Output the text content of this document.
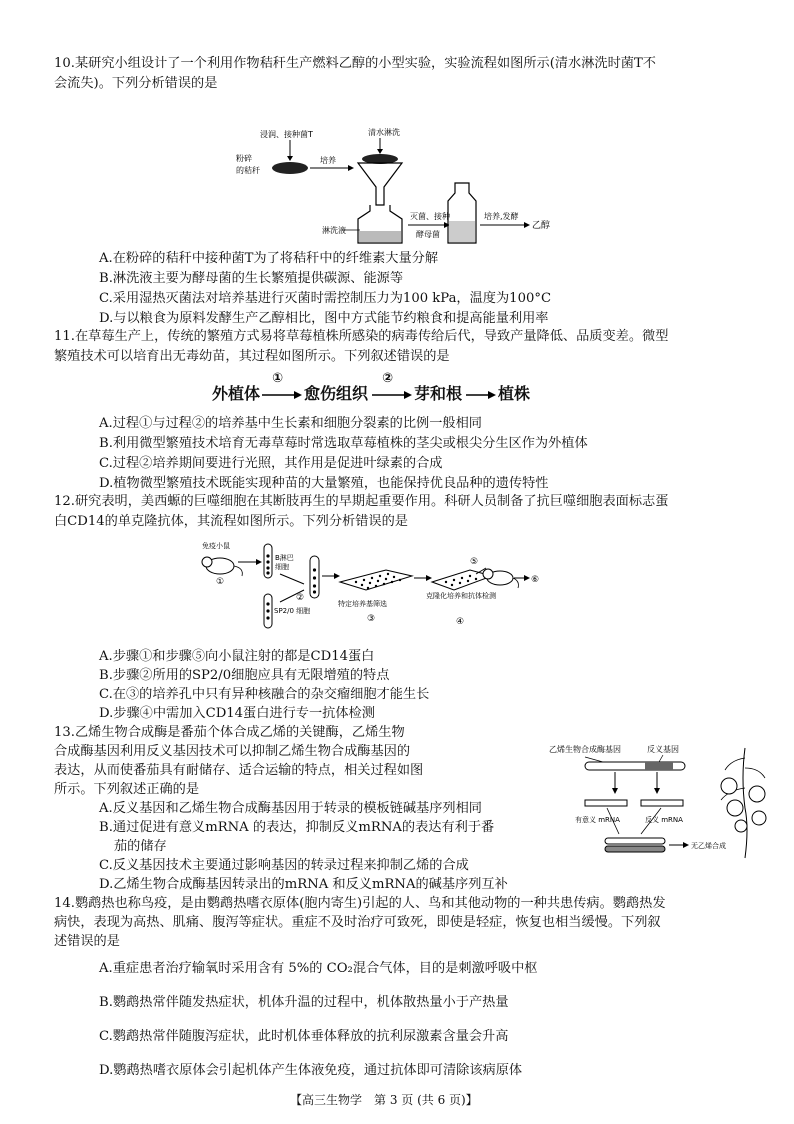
10.某研究小组设计了一个利用作物秸秆生产燃料乙醇的小型实验，实验流程如图所示(清水淋洗时菌T不
会流失)。下列分析错误的是
浸润、接种菌T	清水淋洗
粉碎
的秸秆
培养
淋洗液
灭菌、接种
酵母菌
培养,发酵
乙醇
A.在粉碎的秸秆中接种菌T为了将秸秆中的纤维素大量分解
B.淋洗液主要为酵母菌的生长繁殖提供碳源、能源等
C.采用湿热灭菌法对培养基进行灭菌时需控制压力为100 kPa，温度为100°C
D.与以粮食为原料发酵生产乙醇相比，图中方式能节约粮食和提高能量利用率
11.在草莓生产上，传统的繁殖方式易将草莓植株所感染的病毒传给后代，导致产量降低、品质变差。微型
繁殖技术可以培育出无毒幼苗，其过程如图所示。下列叙述错误的是
外植体
①
愈伤组织
②
芽和根 植株
A.过程①与过程②的培养基中生长素和细胞分裂素的比例一般相同
B.利用微型繁殖技术培育无毒草莓时常选取草莓植株的茎尖或根尖分生区作为外植体
C.过程②培养期间要进行光照，其作用是促进叶绿素的合成
D.植物微型繁殖技术既能实现种苗的大量繁殖，也能保持优良品种的遗传特性
12.研究表明，美西螈的巨噬细胞在其断肢再生的早期起重要作用。科研人员制备了抗巨噬细胞表面标志蛋
白CD14的单克隆抗体，其流程如图所示。下列分析错误的是
免疫小鼠
①
B淋巴
细胞
SP2/0 细胞
②
特定培养基筛选
③
克隆化培养和抗体检测
④
⑤
⑥
A.步骤①和步骤⑤向小鼠注射的都是CD14蛋白
B.步骤②所用的SP2/0细胞应具有无限增殖的特点
C.在③的培养孔中只有异种核融合的杂交瘤细胞才能生长
D.步骤④中需加入CD14蛋白进行专一抗体检测
13.乙烯生物合成酶是番茄个体合成乙烯的关键酶，乙烯生物
合成酶基因利用反义基因技术可以抑制乙烯生物合成酶基因的
表达，从而使番茄具有耐储存、适合运输的特点，相关过程如图
所示。下列叙述正确的是
乙烯生物合成酶基因	反义基因
有意义 mRNA	反义 mRNA
无乙烯合成
A.反义基因和乙烯生物合成酶基因用于转录的模板链碱基序列相同
B.通过促进有意义mRNA 的表达，抑制反义mRNA的表达有利于番
茄的储存
C.反义基因技术主要通过影响基因的转录过程来抑制乙烯的合成
D.乙烯生物合成酶基因转录出的mRNA 和反义mRNA的碱基序列互补
14.鹦鹉热也称鸟疫，是由鹦鹉热嗜衣原体(胞内寄生)引起的人、鸟和其他动物的一种共患传病。鹦鹉热发
病快，表现为高热、肌痛、腹泻等症状。重症不及时治疗可致死，即使是轻症，恢复也相当缓慢。下列叙
述错误的是
A.重症患者治疗输氧时采用含有 5%的 CO₂混合气体，目的是刺激呼吸中枢
B.鹦鹉热常伴随发热症状，机体升温的过程中，机体散热量小于产热量
C.鹦鹉热常伴随腹泻症状，此时机体垂体释放的抗利尿激素含量会升高
D.鹦鹉热嗜衣原体会引起机体产生体液免疫，通过抗体即可清除该病原体
【高三生物学　第 3 页 (共 6 页)】
